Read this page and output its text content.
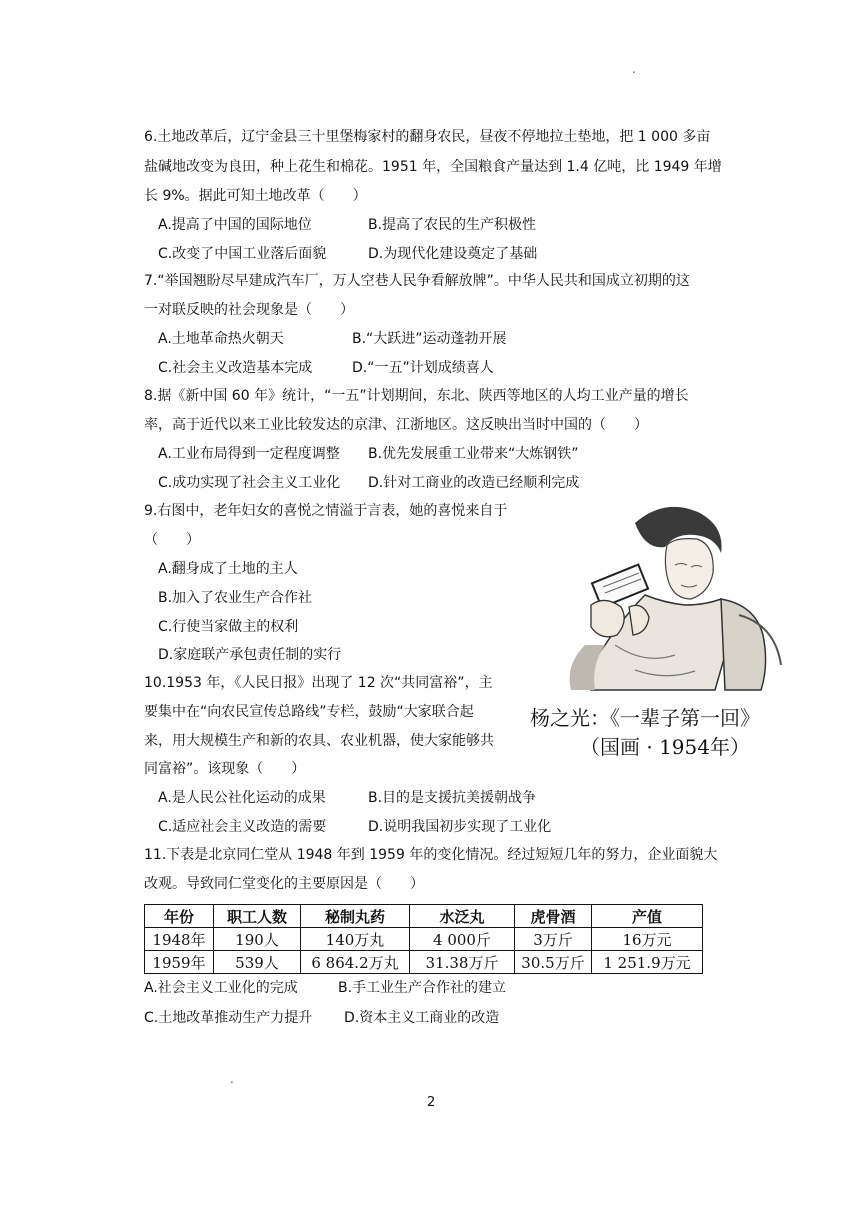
.
6.土地改革后，辽宁金县三十里堡梅家村的翻身农民，昼夜不停地拉土垫地，把 1 000 多亩
盐碱地改变为良田，种上花生和棉花。1951 年，全国粮食产量达到 1.4 亿吨，比 1949 年增
长 9%。据此可知土地改革（　　）
A.提高了中国的国际地位	B.提高了农民的生产积极性
C.改变了中国工业落后面貌	D.为现代化建设奠定了基础
7.“举国翘盼尽早建成汽车厂，万人空巷人民争看解放牌”。中华人民共和国成立初期的这
一对联反映的社会现象是（　　）
A.土地革命热火朝天	B.“大跃进”运动蓬勃开展
C.社会主义改造基本完成	D.“一五”计划成绩喜人
8.据《新中国 60 年》统计，“一五”计划期间，东北、陕西等地区的人均工业产量的增长
率，高于近代以来工业比较发达的京津、江浙地区。这反映出当时中国的（　　）
A.工业布局得到一定程度调整 B.优先发展重工业带来“大炼钢铁”
C.成功实现了社会主义工业化 D.针对工商业的改造已经顺利完成
9.右图中，老年妇女的喜悦之情溢于言表，她的喜悦来自于
（　　）
A.翻身成了土地的主人
B.加入了农业生产合作社
C.行使当家做主的权利
D.家庭联产承包责任制的实行
杨之光：《一辈子第一回》
（国画 · 1954年）
10.1953 年，《人民日报》出现了 12 次“共同富裕”，主
要集中在“向农民宣传总路线”专栏，鼓励“大家联合起
来，用大规模生产和新的农具、农业机器，使大家能够共
同富裕”。该现象（　　）
A.是人民公社化运动的成果	B.目的是支援抗美援朝战争
C.适应社会主义改造的需要	D.说明我国初步实现了工业化
11.下表是北京同仁堂从 1948 年到 1959 年的变化情况。经过短短几年的努力，企业面貌大
改观。导致同仁堂变化的主要原因是（　　）
年份	职工人数	秘制丸药	水泛丸	虎骨酒	产值
1948年	190人	140万丸	4 000斤	3万斤	16万元
1959年	539人	6 864.2万丸	31.38万斤	30.5万斤	1 251.9万元
A.社会主义工业化的完成	B.手工业生产合作社的建立
C.土地改革推动生产力提升 D.资本主义工商业的改造
.
2
